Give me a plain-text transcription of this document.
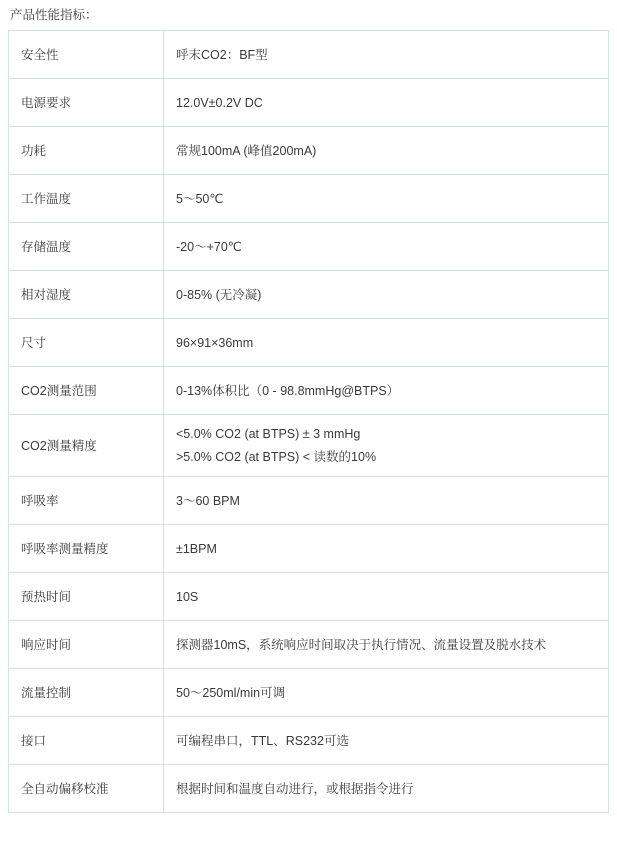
产品性能指标：

安全性	呼末CO2：BF型

电源要求	12.0V±0.2V DC

功耗	常规100mA (峰值200mA)

工作温度	5～50℃

存储温度	-20～+70℃

相对湿度	0-85% (无冷凝)

尺寸	96×91×36mm

CO2测量范围	0-13%体积比（0 - 98.8mmHg@BTPS）

CO2测量精度	<5.0% CO2 (at BTPS) ± 3 mmHg
>5.0% CO2 (at BTPS) < 读数的10%

呼吸率	3～60 BPM

呼吸率测量精度	±1BPM

预热时间	10S

响应时间	探测器10mS，系统响应时间取决于执行情况、流量设置及脱水技术

流量控制	50～250ml/min可调

接口	可编程串口，TTL、RS232可选

全自动偏移校准	根据时间和温度自动进行，或根据指令进行
